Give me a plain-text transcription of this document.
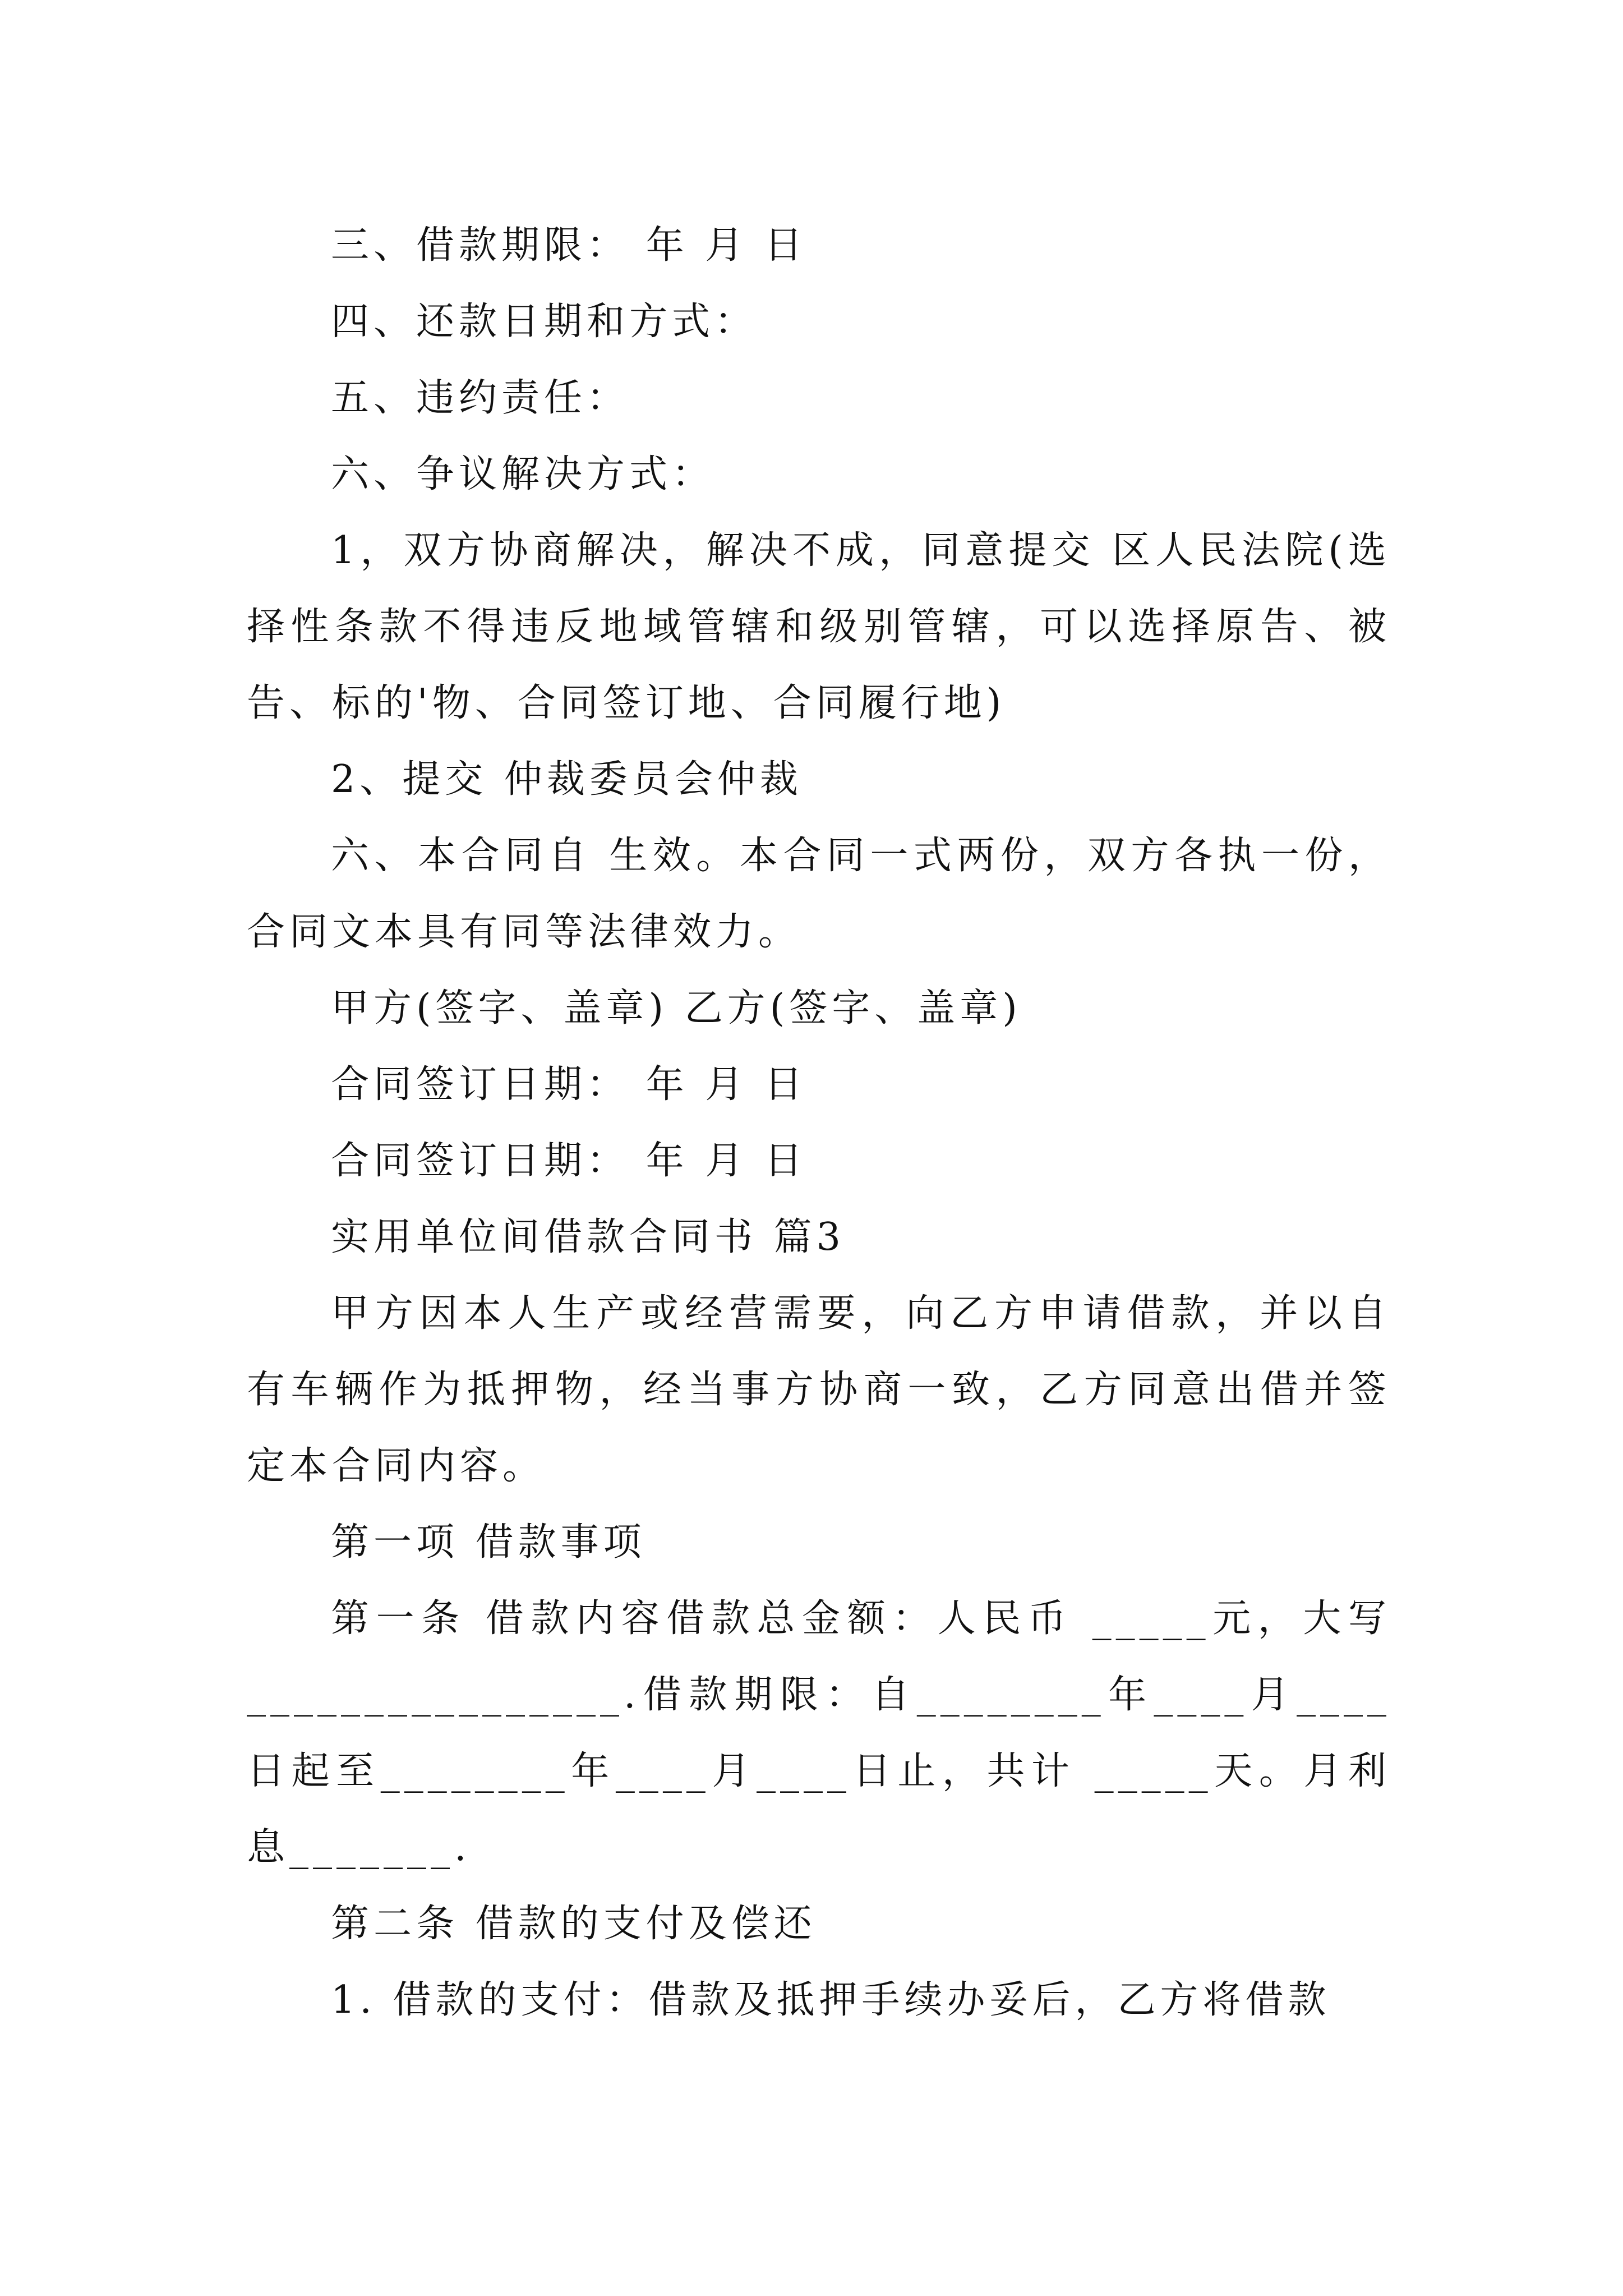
三、借款期限： 年 月 日

四、还款日期和方式：

五、违约责任：

六、争议解决方式：

1，双方协商解决，解决不成，同意提交 区人民法院(选择性条款不得违反地域管辖和级别管辖，可以选择原告、被告、标的'物、合同签订地、合同履行地)

2、提交 仲裁委员会仲裁

六、本合同自 生效。本合同一式两份，双方各执一份，合同文本具有同等法律效力。

甲方(签字、盖章) 乙方(签字、盖章)

合同签订日期： 年 月 日

合同签订日期： 年 月 日

实用单位间借款合同书 篇3

甲方因本人生产或经营需要，向乙方申请借款，并以自有车辆作为抵押物，经当事方协商一致，乙方同意出借并签定本合同内容。

第一项 借款事项

第一条 借款内容借款总金额：人民币 _____元，大写________________.借款期限：自________年____月____日起至________年____月____日止，共计 _____天。月利息_______.

第二条 借款的支付及偿还

1. 借款的支付：借款及抵押手续办妥后，乙方将借款
